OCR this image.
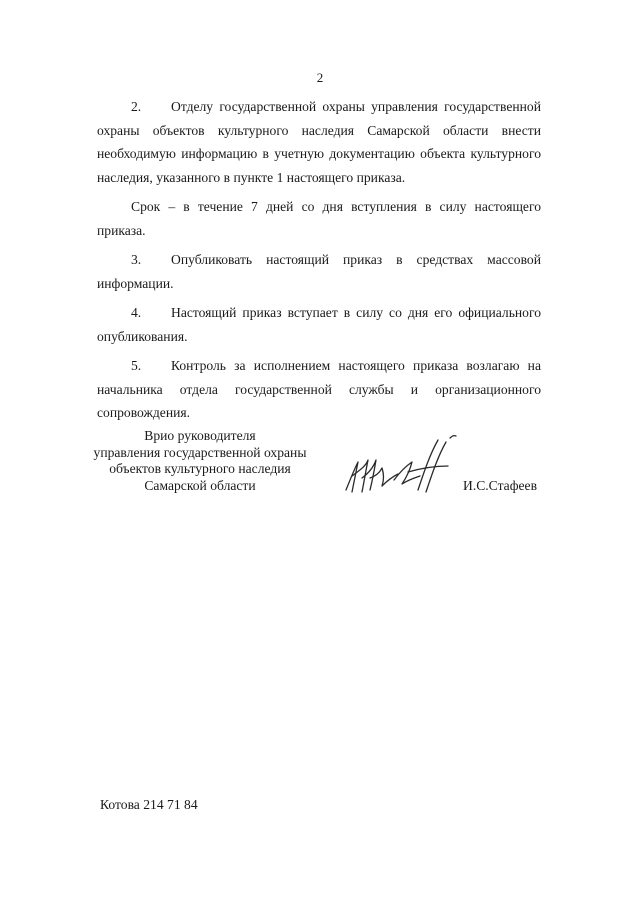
2

2. Отделу государственной охраны управления государственной охраны объектов культурного наследия Самарской области внести необходимую информацию в учетную документацию объекта культурного наследия, указанного в пункте 1 настоящего приказа.

Срок – в течение 7 дней со дня вступления в силу настоящего приказа.

3. Опубликовать настоящий приказ в средствах массовой информации.

4. Настоящий приказ вступает в силу со дня его официального опубликования.

5. Контроль за исполнением настоящего приказа возлагаю на начальника отдела государственной службы и организационного сопровождения.

Врио руководителя
управления государственной охраны
объектов культурного наследия
Самарской области	И.С.Стафеев
Котова 214 71 84
